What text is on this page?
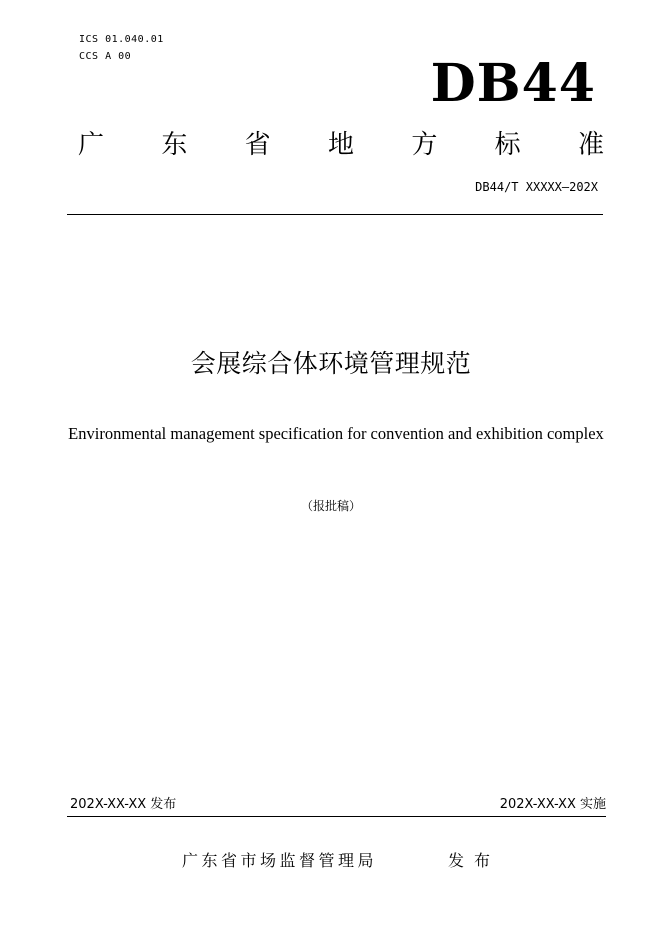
ICS 01.040.01
CCS A 00	DB44
广 东 省 地 方 标 准
DB44/T XXXXX—202X
会展综合体环境管理规范
Environmental management specification for convention and exhibition complex
（报批稿）
202X-XX-XX 发布	202X-XX-XX 实施
广东省市场监督管理局	发布
